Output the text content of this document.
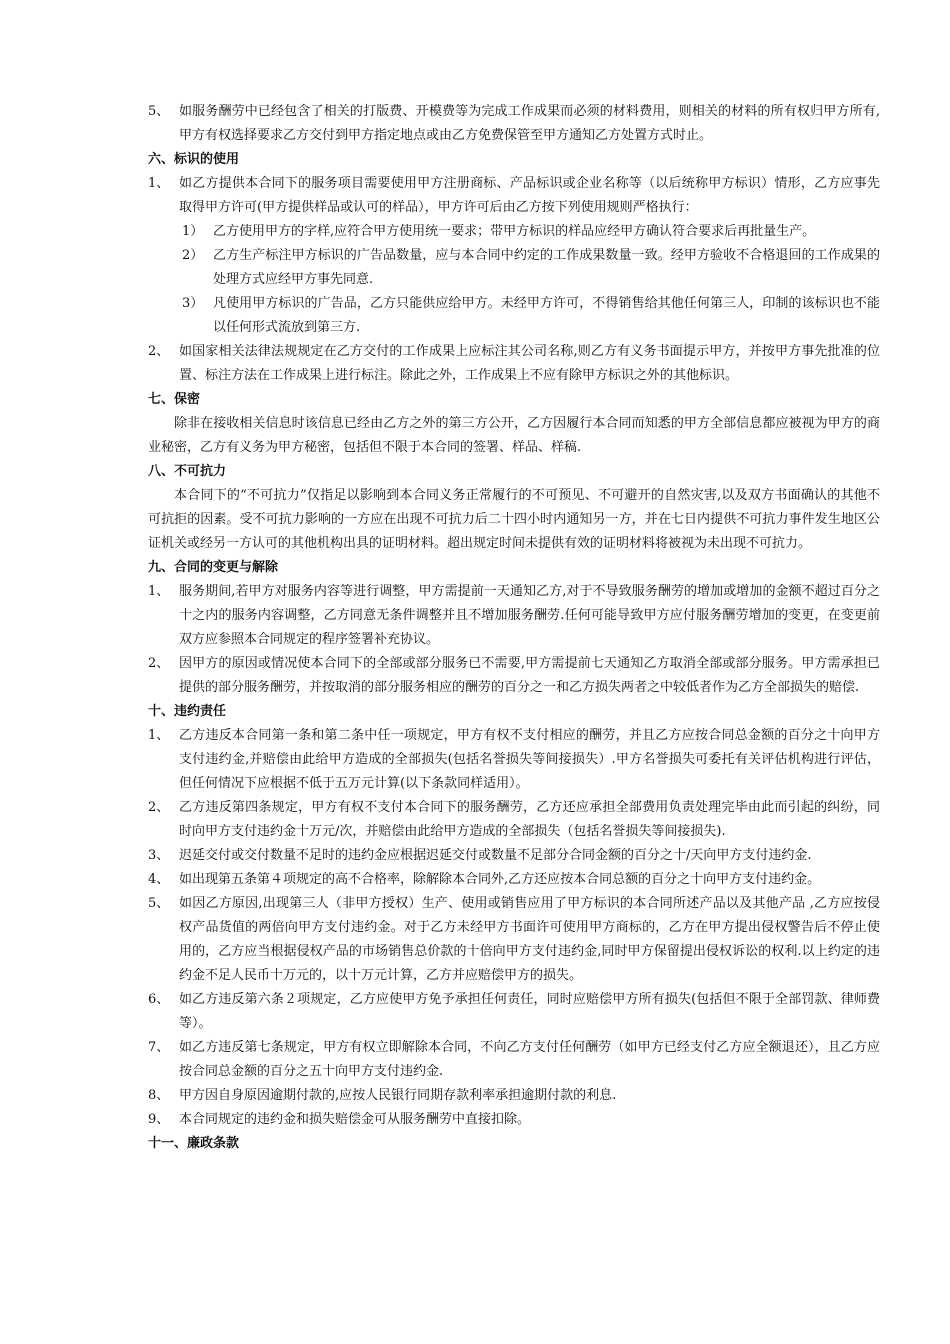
5、 如服务酬劳中已经包含了相关的打版费、开模费等为完成工作成果而必须的材料费用，则相关的材料的所有权归甲方所有,甲方有权选择要求乙方交付到甲方指定地点或由乙方免费保管至甲方通知乙方处置方式时止。
六、标识的使用
1、 如乙方提供本合同下的服务项目需要使用甲方注册商标、产品标识或企业名称等（以后统称甲方标识）情形，乙方应事先取得甲方许可(甲方提供样品或认可的样品），甲方许可后由乙方按下列使用规则严格执行：
1） 乙方使用甲方的字样,应符合甲方使用统一要求；带甲方标识的样品应经甲方确认符合要求后再批量生产。
2） 乙方生产标注甲方标识的广告品数量，应与本合同中约定的工作成果数量一致。经甲方验收不合格退回的工作成果的处理方式应经甲方事先同意.
3） 凡使用甲方标识的广告品，乙方只能供应给甲方。未经甲方许可，不得销售给其他任何第三人，印制的该标识也不能以任何形式流放到第三方.
2、 如国家相关法律法规规定在乙方交付的工作成果上应标注其公司名称,则乙方有义务书面提示甲方，并按甲方事先批准的位置、标注方法在工作成果上进行标注。除此之外，工作成果上不应有除甲方标识之外的其他标识。
七、保密
除非在接收相关信息时该信息已经由乙方之外的第三方公开，乙方因履行本合同而知悉的甲方全部信息都应被视为甲方的商业秘密，乙方有义务为甲方秘密，包括但不限于本合同的签署、样品、样稿.
八、不可抗力
本合同下的“不可抗力”仅指足以影响到本合同义务正常履行的不可预见、不可避开的自然灾害,以及双方书面确认的其他不可抗拒的因素。受不可抗力影响的一方应在出现不可抗力后二十四小时内通知另一方，并在七日内提供不可抗力事件发生地区公证机关或经另一方认可的其他机构出具的证明材料。超出规定时间未提供有效的证明材料将被视为未出现不可抗力。
九、合同的变更与解除
1、 服务期间,若甲方对服务内容等进行调整，甲方需提前一天通知乙方,对于不导致服务酬劳的增加或增加的金额不超过百分之十之内的服务内容调整，乙方同意无条件调整并且不增加服务酬劳.任何可能导致甲方应付服务酬劳增加的变更，在变更前双方应参照本合同规定的程序签署补充协议。
2、 因甲方的原因或情况使本合同下的全部或部分服务已不需要,甲方需提前七天通知乙方取消全部或部分服务。甲方需承担已提供的部分服务酬劳，并按取消的部分服务相应的酬劳的百分之一和乙方损失两者之中较低者作为乙方全部损失的赔偿.
十、违约责任
1、 乙方违反本合同第一条和第二条中任一项规定，甲方有权不支付相应的酬劳，并且乙方应按合同总金额的百分之十向甲方支付违约金,并赔偿由此给甲方造成的全部损失(包括名誉损失等间接损失）.甲方名誉损失可委托有关评估机构进行评估，但任何情况下应根据不低于五万元计算(以下条款同样适用）。
2、 乙方违反第四条规定，甲方有权不支付本合同下的服务酬劳，乙方还应承担全部费用负责处理完毕由此而引起的纠纷，同时向甲方支付违约金十万元/次，并赔偿由此给甲方造成的全部损失（包括名誉损失等间接损失).
3、 迟延交付或交付数量不足时的违约金应根据迟延交付或数量不足部分合同金额的百分之十/天向甲方支付违约金.
4、 如出现第五条第４项规定的高不合格率，除解除本合同外,乙方还应按本合同总额的百分之十向甲方支付违约金。
5、 如因乙方原因,出现第三人（非甲方授权）生产、使用或销售应用了甲方标识的本合同所述产品以及其他产品 ,乙方应按侵权产品货值的两倍向甲方支付违约金。对于乙方未经甲方书面许可使用甲方商标的，乙方在甲方提出侵权警告后不停止使用的，乙方应当根据侵权产品的市场销售总价款的十倍向甲方支付违约金,同时甲方保留提出侵权诉讼的权利.以上约定的违约金不足人民币十万元的，以十万元计算，乙方并应赔偿甲方的损失。
6、 如乙方违反第六条２项规定，乙方应使甲方免予承担任何责任，同时应赔偿甲方所有损失(包括但不限于全部罚款、律师费等）。
7、 如乙方违反第七条规定，甲方有权立即解除本合同，不向乙方支付任何酬劳（如甲方已经支付乙方应全额退还），且乙方应按合同总金额的百分之五十向甲方支付违约金.
8、 甲方因自身原因逾期付款的,应按人民银行同期存款利率承担逾期付款的利息.
9、 本合同规定的违约金和损失赔偿金可从服务酬劳中直接扣除。
十一、廉政条款
